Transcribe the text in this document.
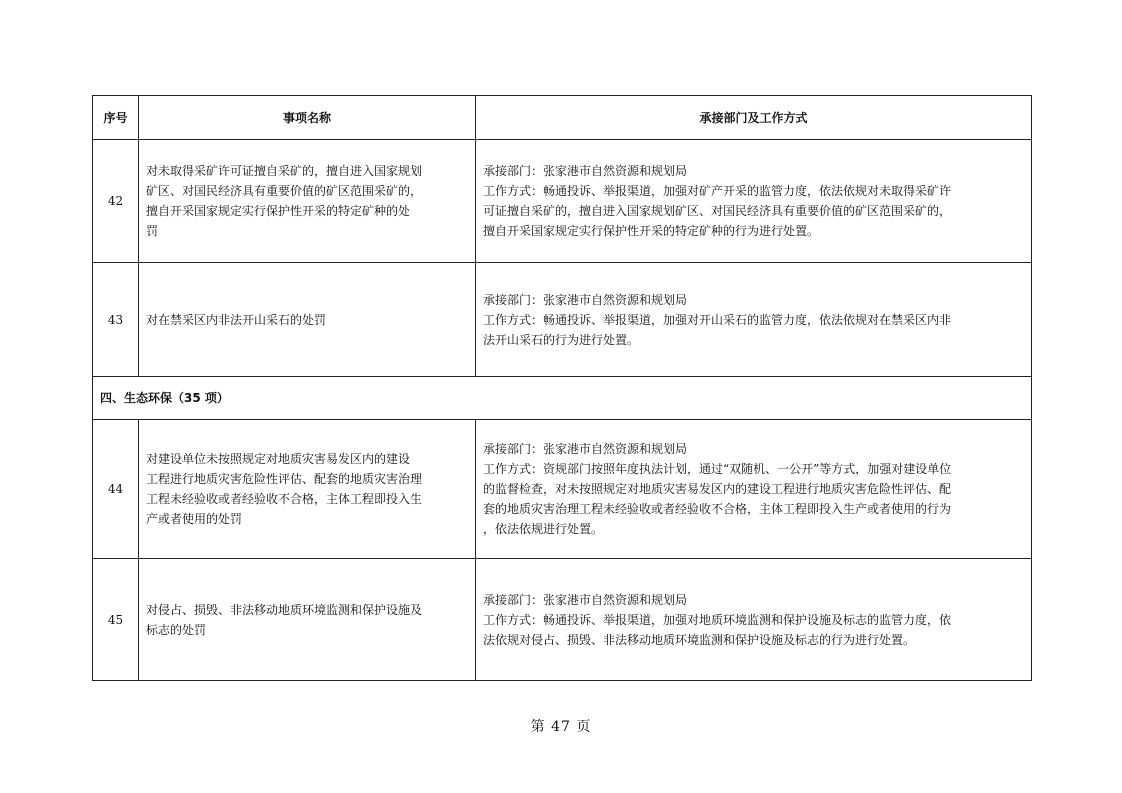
序号	事项名称	承接部门及工作方式
42	对未取得采矿许可证擅自采矿的，擅自进入国家规划
矿区、对国民经济具有重要价值的矿区范围采矿的，
擅自开采国家规定实行保护性开采的特定矿种的处
罚	承接部门：张家港市自然资源和规划局
工作方式：畅通投诉、举报渠道，加强对矿产开采的监管力度，依法依规对未取得采矿许
可证擅自采矿的，擅自进入国家规划矿区、对国民经济具有重要价值的矿区范围采矿的，
擅自开采国家规定实行保护性开采的特定矿种的行为进行处置。

43	对在禁采区内非法开山采石的处罚	承接部门：张家港市自然资源和规划局
工作方式：畅通投诉、举报渠道，加强对开山采石的监管力度，依法依规对在禁采区内非
法开山采石的行为进行处置。

四、生态环保（35 项）		
44	对建设单位未按照规定对地质灾害易发区内的建设
工程进行地质灾害危险性评估、配套的地质灾害治理
工程未经验收或者经验收不合格，主体工程即投入生
产或者使用的处罚	承接部门：张家港市自然资源和规划局
工作方式：资规部门按照年度执法计划，通过“双随机、一公开”等方式，加强对建设单位
的监督检查，对未按照规定对地质灾害易发区内的建设工程进行地质灾害危险性评估、配
套的地质灾害治理工程未经验收或者经验收不合格，主体工程即投入生产或者使用的行为
，依法依规进行处置。

45	对侵占、损毁、非法移动地质环境监测和保护设施及
标志的处罚	承接部门：张家港市自然资源和规划局
工作方式：畅通投诉、举报渠道，加强对地质环境监测和保护设施及标志的监管力度，依
法依规对侵占、损毁、非法移动地质环境监测和保护设施及标志的行为进行处置。
第 47 页
